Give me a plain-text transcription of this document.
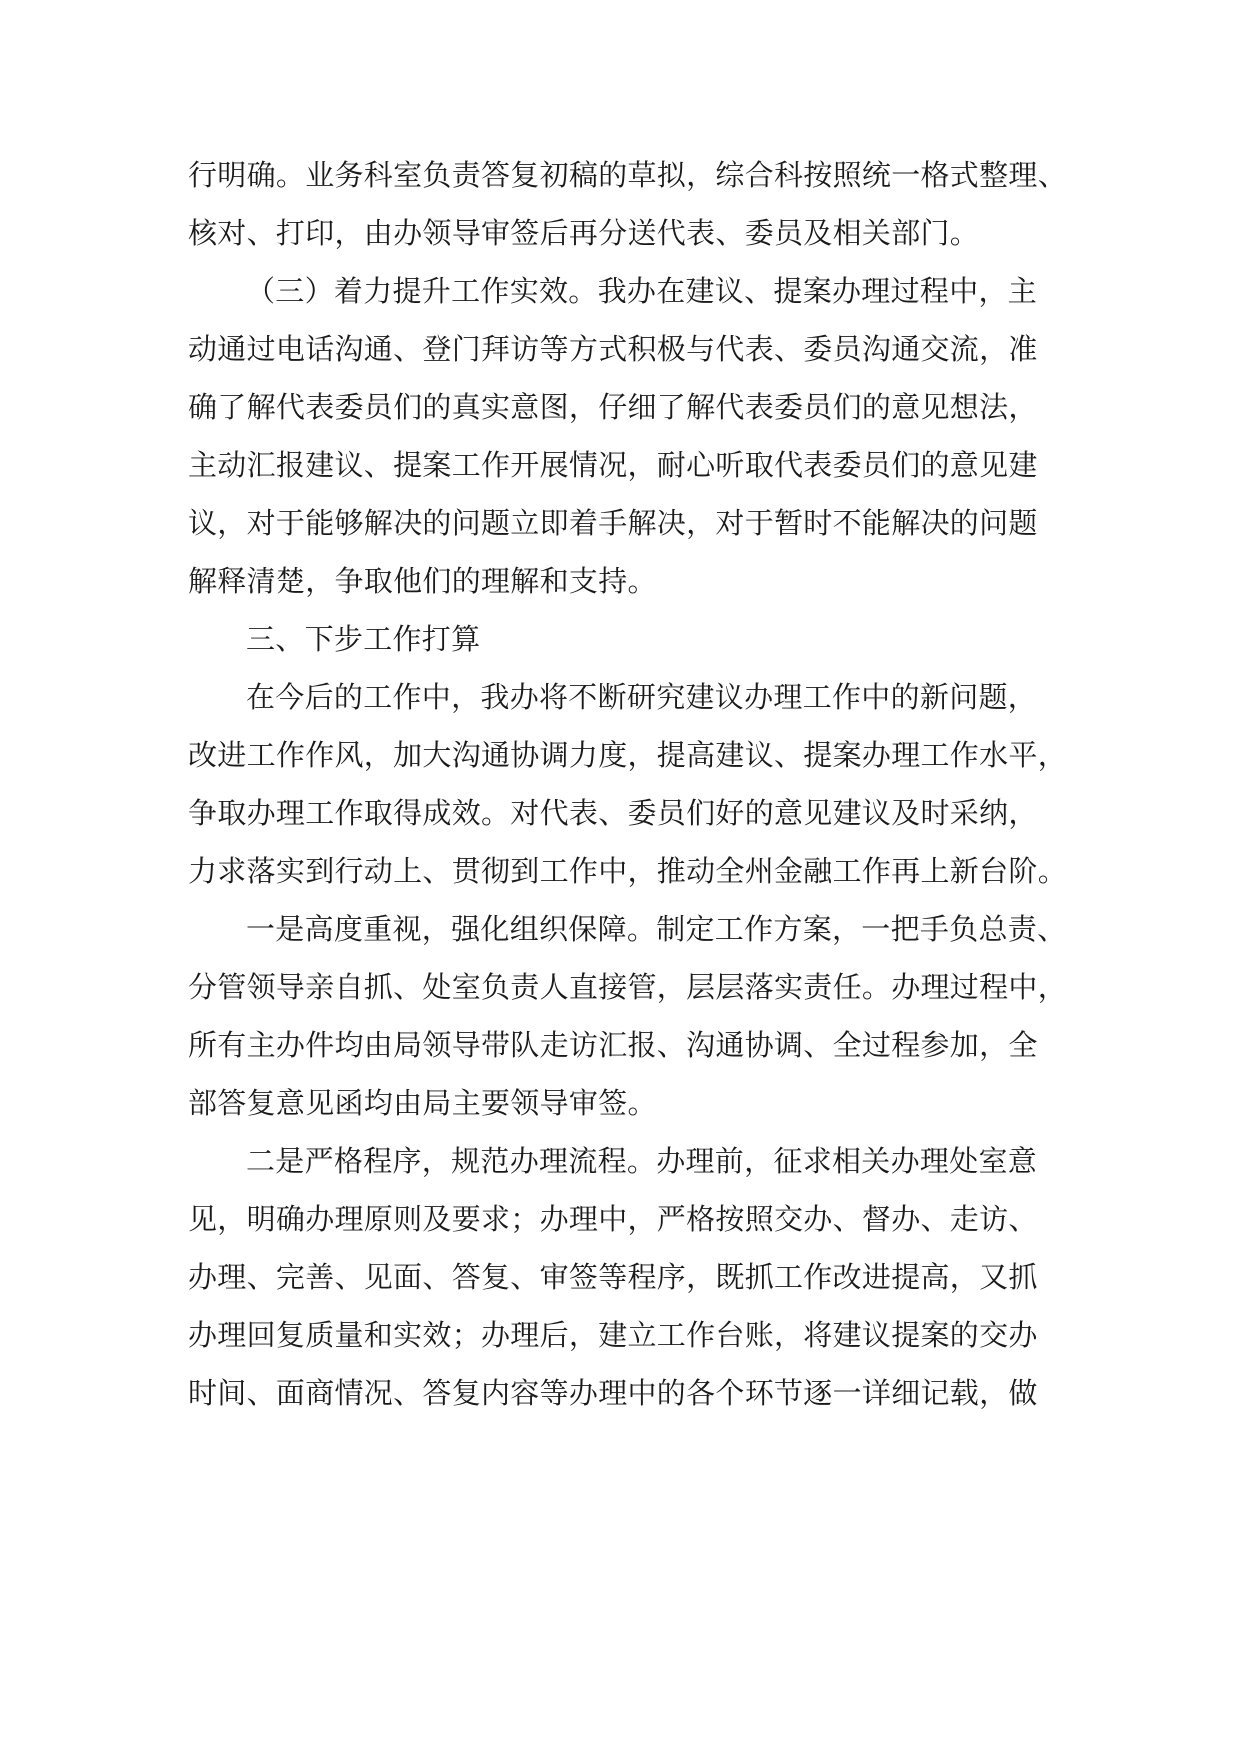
行明确。业务科室负责答复初稿的草拟，综合科按照统一格式整理、
核对、打印，由办领导审签后再分送代表、委员及相关部门。
（三）着力提升工作实效。我办在建议、提案办理过程中，主
动通过电话沟通、登门拜访等方式积极与代表、委员沟通交流，准
确了解代表委员们的真实意图，仔细了解代表委员们的意见想法，
主动汇报建议、提案工作开展情况，耐心听取代表委员们的意见建
议，对于能够解决的问题立即着手解决，对于暂时不能解决的问题
解释清楚，争取他们的理解和支持。
三、下步工作打算
在今后的工作中，我办将不断研究建议办理工作中的新问题，
改进工作作风，加大沟通协调力度，提高建议、提案办理工作水平，
争取办理工作取得成效。对代表、委员们好的意见建议及时采纳，
力求落实到行动上、贯彻到工作中，推动全州金融工作再上新台阶。
一是高度重视，强化组织保障。制定工作方案，一把手负总责、
分管领导亲自抓、处室负责人直接管，层层落实责任。办理过程中，
所有主办件均由局领导带队走访汇报、沟通协调、全过程参加，全
部答复意见函均由局主要领导审签。
二是严格程序，规范办理流程。办理前，征求相关办理处室意
见，明确办理原则及要求；办理中，严格按照交办、督办、走访、
办理、完善、见面、答复、审签等程序，既抓工作改进提高，又抓
办理回复质量和实效；办理后，建立工作台账，将建议提案的交办
时间、面商情况、答复内容等办理中的各个环节逐一详细记载，做
